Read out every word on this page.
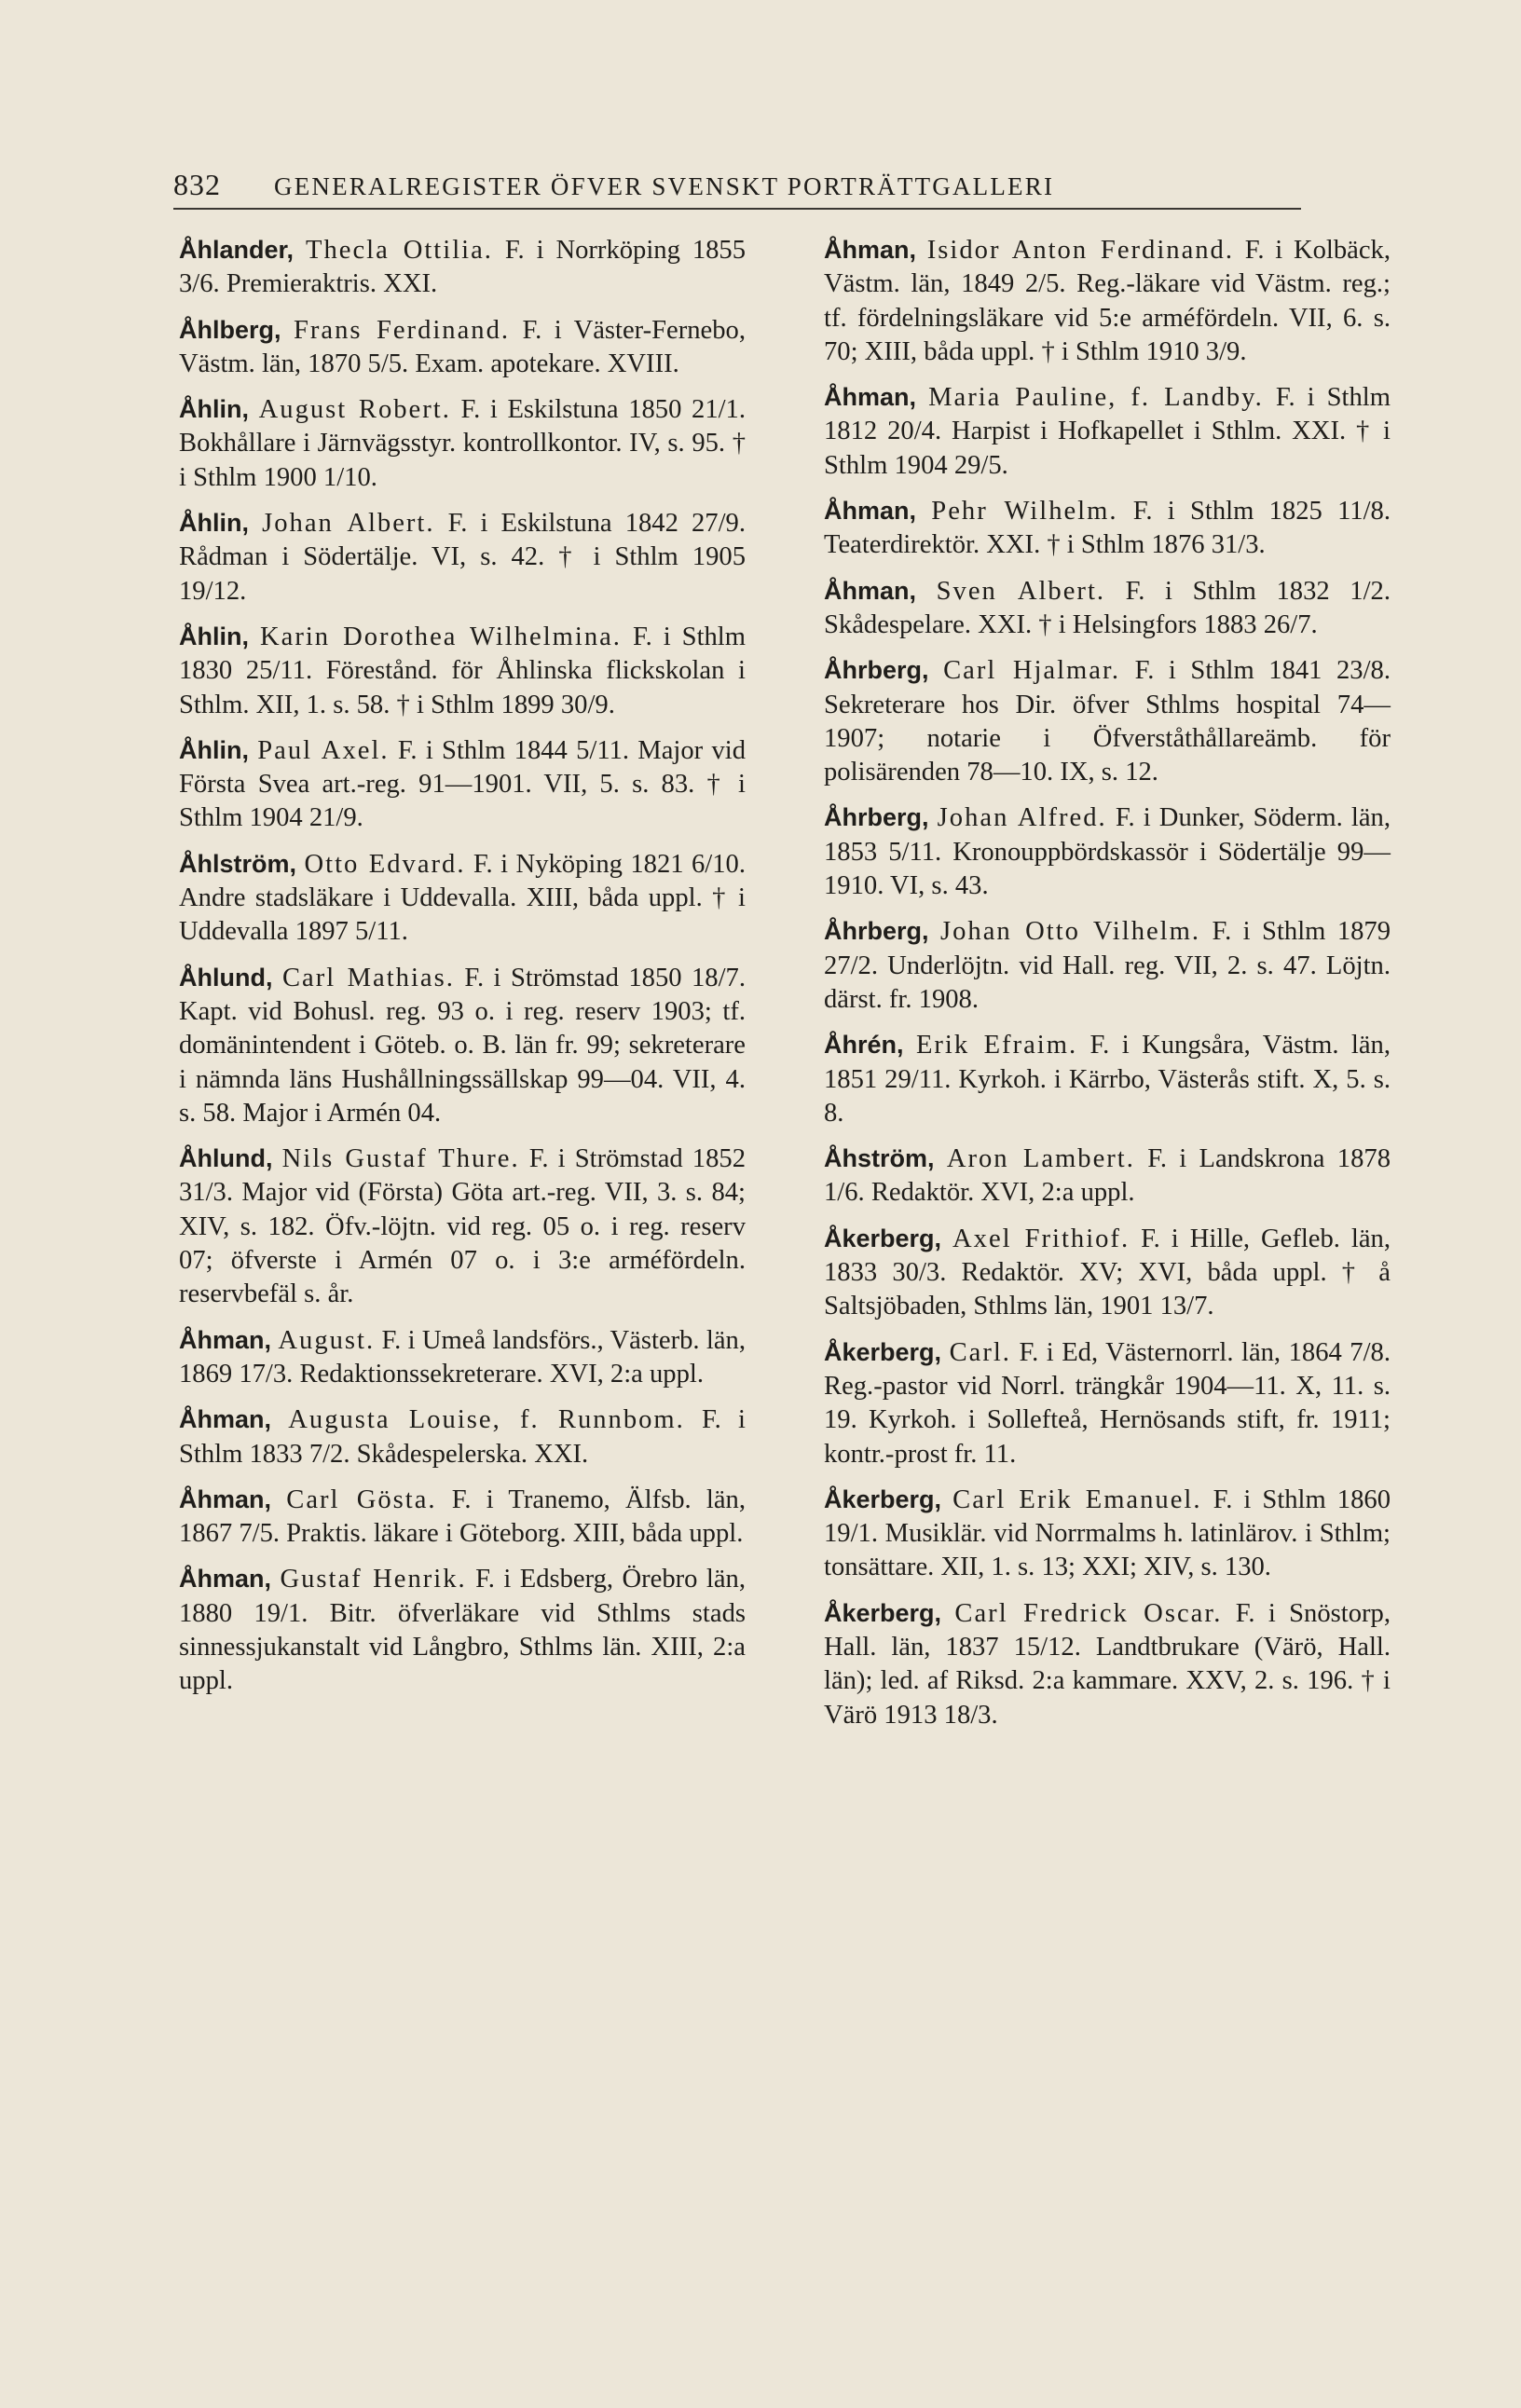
832	GENERALREGISTER ÖFVER SVENSKT PORTRÄTTGALLERI
Åhlander, Thecla Ottilia. F. i Norrköping 1855 3/6. Premieraktris. XXI.
Åhlberg, Frans Ferdinand. F. i Väster-Fernebo, Västm. län, 1870 5/5. Exam. apotekare. XVIII.
Åhlin, August Robert. F. i Eskilstuna 1850 21/1. Bokhållare i Järnvägsstyr. kontrollkontor. IV, s. 95. † i Sthlm 1900 1/10.
Åhlin, Johan Albert. F. i Eskilstuna 1842 27/9. Rådman i Södertälje. VI, s. 42. † i Sthlm 1905 19/12.
Åhlin, Karin Dorothea Wilhelmina. F. i Sthlm 1830 25/11. Förestånd. för Åhlinska flickskolan i Sthlm. XII, 1. s. 58. † i Sthlm 1899 30/9.
Åhlin, Paul Axel. F. i Sthlm 1844 5/11. Major vid Första Svea art.-reg. 91—1901. VII, 5. s. 83. † i Sthlm 1904 21/9.
Åhlström, Otto Edvard. F. i Nyköping 1821 6/10. Andre stadsläkare i Uddevalla. XIII, båda uppl. † i Uddevalla 1897 5/11.
Åhlund, Carl Mathias. F. i Strömstad 1850 18/7. Kapt. vid Bohusl. reg. 93 o. i reg. reserv 1903; tf. domänintendent i Göteb. o. B. län fr. 99; sekreterare i nämnda läns Hushållningssällskap 99—04. VII, 4. s. 58. Major i Armén 04.
Åhlund, Nils Gustaf Thure. F. i Strömstad 1852 31/3. Major vid (Första) Göta art.-reg. VII, 3. s. 84; XIV, s. 182. Öfv.-löjtn. vid reg. 05 o. i reg. reserv 07; öfverste i Armén 07 o. i 3:e arméfördeln. reservbefäl s. år.
Åhman, August. F. i Umeå landsförs., Västerb. län, 1869 17/3. Redaktionssekreterare. XVI, 2:a uppl.
Åhman, Augusta Louise, f. Runnbom. F. i Sthlm 1833 7/2. Skådespelerska. XXI.
Åhman, Carl Gösta. F. i Tranemo, Älfsb. län, 1867 7/5. Praktis. läkare i Göteborg. XIII, båda uppl.
Åhman, Gustaf Henrik. F. i Edsberg, Örebro län, 1880 19/1. Bitr. öfverläkare vid Sthlms stads sinnessjukanstalt vid Långbro, Sthlms län. XIII, 2:a uppl.
Åhman, Isidor Anton Ferdinand. F. i Kolbäck, Västm. län, 1849 2/5. Reg.-läkare vid Västm. reg.; tf. fördelningsläkare vid 5:e arméfördeln. VII, 6. s. 70; XIII, båda uppl. † i Sthlm 1910 3/9.
Åhman, Maria Pauline, f. Landby. F. i Sthlm 1812 20/4. Harpist i Hofkapellet i Sthlm. XXI. † i Sthlm 1904 29/5.
Åhman, Pehr Wilhelm. F. i Sthlm 1825 11/8. Teaterdirektör. XXI. † i Sthlm 1876 31/3.
Åhman, Sven Albert. F. i Sthlm 1832 1/2. Skådespelare. XXI. † i Helsingfors 1883 26/7.
Åhrberg, Carl Hjalmar. F. i Sthlm 1841 23/8. Sekreterare hos Dir. öfver Sthlms hospital 74—1907; notarie i Öfverståthållareämb. för polisärenden 78—10. IX, s. 12.
Åhrberg, Johan Alfred. F. i Dunker, Söderm. län, 1853 5/11. Kronouppbördskassör i Södertälje 99—1910. VI, s. 43.
Åhrberg, Johan Otto Vilhelm. F. i Sthlm 1879 27/2. Underlöjtn. vid Hall. reg. VII, 2. s. 47. Löjtn. därst. fr. 1908.
Åhrén, Erik Efraim. F. i Kungsåra, Västm. län, 1851 29/11. Kyrkoh. i Kärrbo, Västerås stift. X, 5. s. 8.
Åhström, Aron Lambert. F. i Landskrona 1878 1/6. Redaktör. XVI, 2:a uppl.
Åkerberg, Axel Frithiof. F. i Hille, Gefleb. län, 1833 30/3. Redaktör. XV; XVI, båda uppl. † å Saltsjöbaden, Sthlms län, 1901 13/7.
Åkerberg, Carl. F. i Ed, Västernorrl. län, 1864 7/8. Reg.-pastor vid Norrl. trängkår 1904—11. X, 11. s. 19. Kyrkoh. i Sollefteå, Hernösands stift, fr. 1911; kontr.-prost fr. 11.
Åkerberg, Carl Erik Emanuel. F. i Sthlm 1860 19/1. Musiklär. vid Norrmalms h. latinlärov. i Sthlm; tonsättare. XII, 1. s. 13; XXI; XIV, s. 130.
Åkerberg, Carl Fredrick Oscar. F. i Snöstorp, Hall. län, 1837 15/12. Landtbrukare (Värö, Hall. län); led. af Riksd. 2:a kammare. XXV, 2. s. 196. † i Värö 1913 18/3.
